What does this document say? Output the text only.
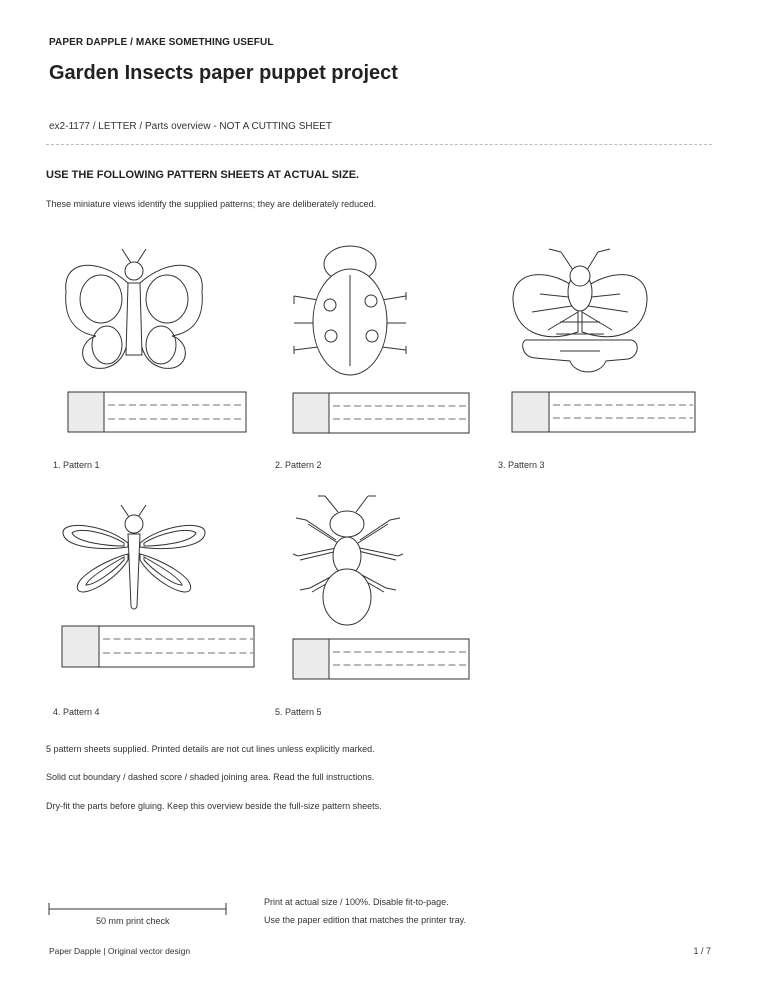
PAPER DAPPLE / MAKE SOMETHING USEFUL
Garden Insects paper puppet project
ex2-1177 / LETTER / Parts overview - NOT A CUTTING SHEET
USE THE FOLLOWING PATTERN SHEETS AT ACTUAL SIZE.
These miniature views identify the supplied patterns; they are deliberately reduced.
1. Pattern 1	2. Pattern 2	3. Pattern 3
4. Pattern 4	5. Pattern 5
5 pattern sheets supplied. Printed details are not cut lines unless explicitly marked.
Solid cut boundary / dashed score / shaded joining area. Read the full instructions.
Dry-fit the parts before gluing. Keep this overview beside the full-size pattern sheets.
50 mm print check
Print at actual size / 100%. Disable fit-to-page.
Use the paper edition that matches the printer tray.
Paper Dapple | Original vector design	1 / 7
